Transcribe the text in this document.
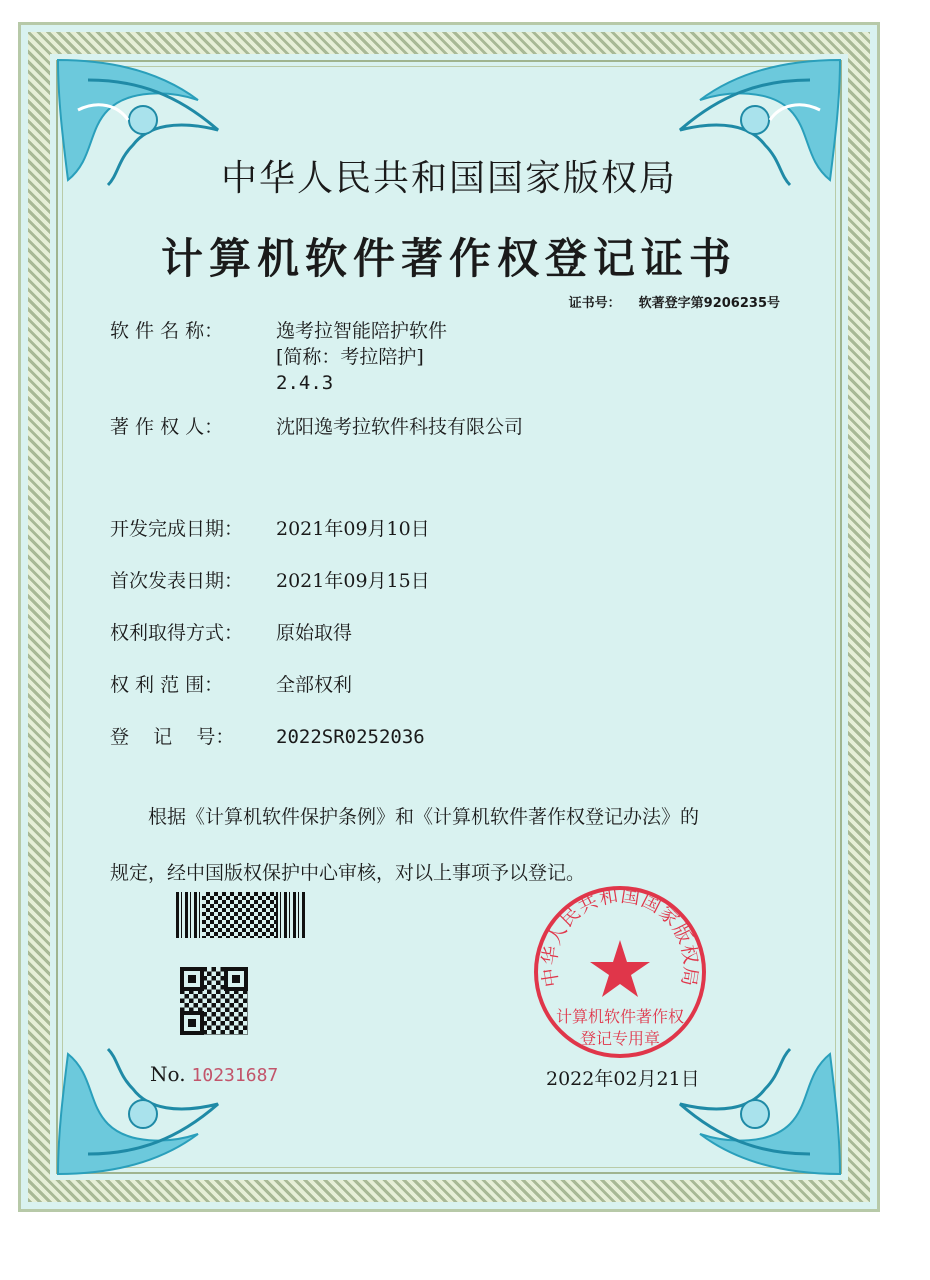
中华人民共和国国家版权局
计算机软件著作权登记证书
证书号： 软著登字第9206235号
软 件 名 称：	逸考拉智能陪护软件
[简称：考拉陪护]
2.4.3
著 作 权 人：	沈阳逸考拉软件科技有限公司
开发完成日期：	2021年09月10日
首次发表日期：	2021年09月15日
权利取得方式：	原始取得
权 利 范 围：	全部权利
登    记    号：	2022SR0252036
根据《计算机软件保护条例》和《计算机软件著作权登记办法》的
规定，经中国版权保护中心审核，对以上事项予以登记。
No. 10231687
中华人民共和国国家版权局
计算机软件著作权
登记专用章
2022年02月21日
